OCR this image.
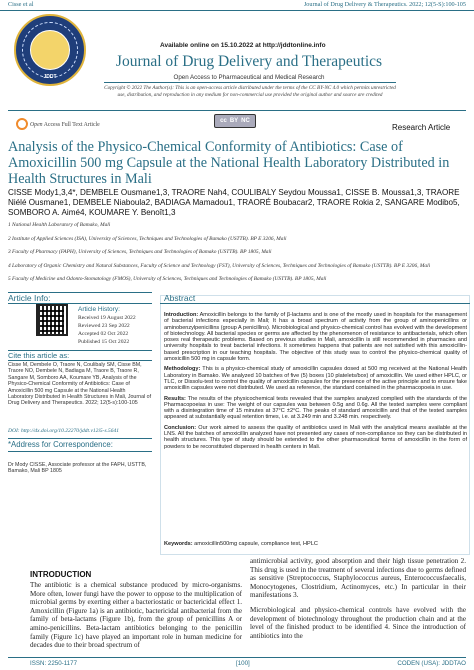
Cisse et al	Journal of Drug Delivery & Therapeutics. 2022; 12(5-S):100-105
JDDT
Available online on 15.10.2022 at http://jddtonline.info
Journal of Drug Delivery and Therapeutics
Open Access to Pharmaceutical and Medical Research
Copyright © 2022 The Author(s): This is an open-access article distributed under the terms of the CC BY-NC 4.0 which permits unrestricted use, distribution, and reproduction in any medium for non-commercial use provided the original author and source are credited
Open Access Full Text Article
cc BY NC
Research Article
Analysis of the Physico-Chemical Conformity of Antibiotics: Case of Amoxicillin 500 mg Capsule at the National Health Laboratory Distributed in Health Structures in Mali
CISSE Mody1,3,4*, DEMBELE Ousmane1,3, TRAORE Nah4, COULIBALY Seydou Moussa1, CISSE B. Moussa1,3, TRAORE Niélé Ousmane1, DEMBELE Niaboula2, BADIAGA Mamadou1, TRAORÉ Boubacar2, TRAORE Rokia 2, SANGARE Modibo5, SOMBORO A. Aimé4, KOUMARE Y. Benoît1,3

1 National Health Laboratory of Bamako, Mali

2 Institute of Applied Sciences (ISA), University of Sciences, Techniques and Technologies of Bamako (USTTB). BP E 3206, Mali

3 Faculty of Pharmacy (FAPH), University of Sciences, Techniques and Technologies of Bamako (USTTB). BP 1805, Mali

4 Laboratory of Organic Chemistry and Natural Substances, Faculty of Science and Technology (FST), University of Sciences, Techniques and Technologies of Bamako (USTTB). BP E 3206, Mali

5 Faculty of Medicine and Odonto-Stomatology (FMOS), University of Sciences, Techniques and Technologies of Bamako (USTTB). BP 1805, Mali

Article Info:
Article History:
Received 19 August 2022
Reviewed 23 Sep 2022
Accepted 02 Oct 2022
Published 15 Oct 2022
Cite this article as:
Cisse M, Dembele O, Traore N, Coulibaly SM, Cisse BM, Traore NO, Dembele N, Badiaga M, Traore B, Traore R, Sangare M, Somboro AA, Koumare YB, Analysis of the Physico-Chemical Conformity of Antibiotics: Case of Amoxicillin 500 mg Capsule at the National Health Laboratory Distributed in Health Structures in Mali, Journal of Drug Delivery and Therapeutics. 2022; 12(5-s):100-105
DOI: http://dx.doi.org/10.22270/jddt.v12i5-s.5641
*Address for Correspondence:
Dr Mody CISSE, Associate professor at the FAPH, USTTB, Bamako, Mali BP 1805
Abstract

Introduction: Amoxicillin belongs to the family of β-lactams and is one of the mostly used in hospitals for the management of bacterial infections especially in Mali; It has a broad spectrum of activity from the group of aminopenicillins or aminobenzylpenicillins (group A penicillins). Microbiological and physico-chemical control has evolved with the development of biotechnology. All bacterial species or germs are affected by the phenomenon of resistance to antibacterials, which often poses real therapeutic problems. Based on previous studies in Mali, amoxicillin is still recommended in pharmacies and university hospitals to treat bacterial infections. It sometimes happens that patients are not satisfied with this amoxicillin-based prescription in our teaching hospitals. The objective of this study was to control the physico-chemical quality of amoxicillin 500 mg in capsule form.

Methodology: This is a physico-chemical study of amoxicillin capsules dosed at 500 mg received at the National Health Laboratory in Bamako. We analyzed 10 batches of five (5) boxes (10 platelets/box) of amoxicillin. We used either HPLC, or TLC, or Dissolu-test to control the quality of amoxicillin capsules for the presence of the active principle and to ensure fake amoxicillin capsules were not distributed. We used as reference, the standard contained in the pharmacopoeia in use.

Results: The results of the physicochemical tests revealed that the samples analyzed complied with the standards of the Pharmacopoeias in use: The weight of our capsules was between 0.5g and 0.6g. All the tested samples were compliant with a disintegration time of 15 minutes at 37°C ±2°C. The peaks of standard amoxicillin and that of the tested samples appeared at substantially equal retention times, i.e. at 3.249 min and 3.248 min. respectively.

Conclusion: Our work aimed to assess the quality of antibiotics used in Mali with the analytical means available at the LNS. All the batches of amoxicillin analyzed have not presented any cases of non-compliance so they can be distributed in health structures. This type of study should be extended to the other pharmaceutical forms of amoxicillin in the form of powders to be reconstituted dispensed in health centers in Mali.

Keywords: amoxicillin500mg capsule, compliance test, HPLC
INTRODUCTION
The antibiotic is a chemical substance produced by micro-organisms. More often, lower fungi have the power to oppose to the multiplication of microbial germs by exerting either a bacteriostatic or bactericidal effect 1. Amoxicillin (Figure 1a) is an antibiotic, bactericidal antibacterial from the family of beta-lactams (Figure 1b), from the group of penicillins A or amino-penicillins. Beta-lactam antibiotics belonging to the penicillin family (Figure 1c) have played an important role in human medicine for decades due to their broad spectrum of

antimicrobial activity, good absorption and their high tissue penetration 2. This drug is used in the treatment of several infections due to germs defined as sensitive (Streptococcus, Staphylococcus aureus, Enterococcusfaecalis, Monocytogenes, Clostridium, Actinomyces, etc.) In particular in their manifestations 3.

Microbiological and physico-chemical controls have evolved with the development of biotechnology throughout the production chain and at the level of the finished product to be identified 4. Since the introduction of antibiotics into the

ISSN: 2250-1177	[100]	CODEN (USA): JDDTAO
